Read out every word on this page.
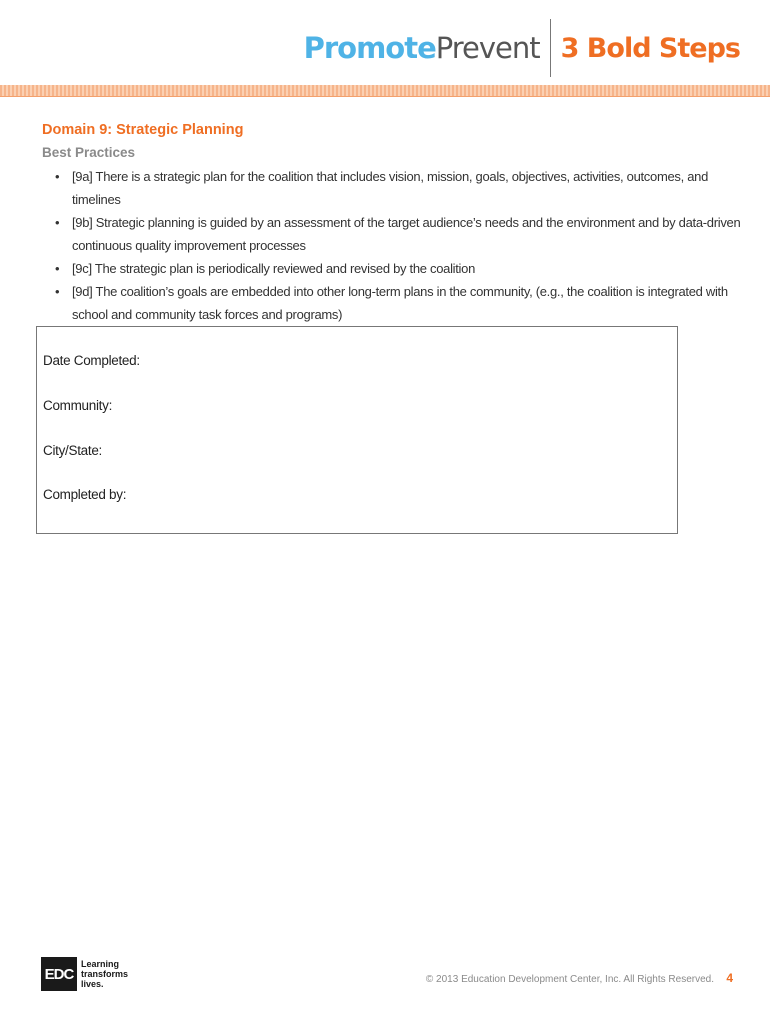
Promote Prevent 3 Bold Steps
Domain 9: Strategic Planning
Best Practices
• [9a] There is a strategic plan for the coalition that includes vision, mission, goals, objectives, activities, outcomes, and timelines
• [9b] Strategic planning is guided by an assessment of the target audience’s needs and the environment and by data-driven continuous quality improvement processes
• [9c] The strategic plan is periodically reviewed and revised by the coalition
• [9d] The coalition’s goals are embedded into other long-term plans in the community, (e.g., the coalition is integrated with school and community task forces and programs)
Date Completed:
Community:
City/State:
Completed by:
EDC
Learning
transforms
lives.	© 2013 Education Development Center, Inc. All Rights Reserved. 4
